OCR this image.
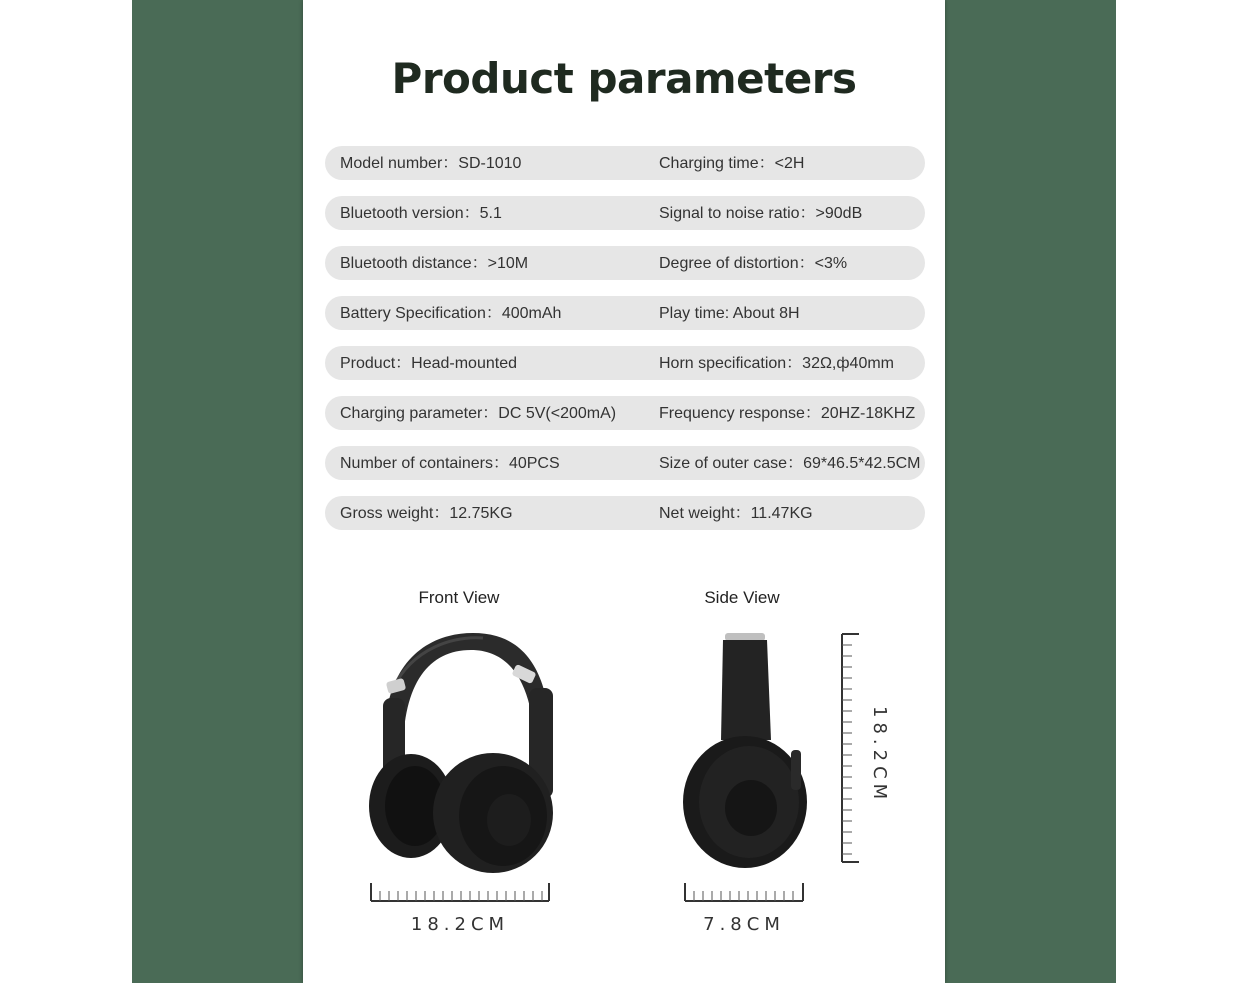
Product parameters
Model number：SD-1010	Charging time：<2H
Bluetooth version：5.1	Signal to noise ratio：>90dB
Bluetooth distance：>10M	Degree of distortion：<3%
Battery Specification：400mAh	Play time: About 8H
Product：Head-mounted	Horn specification：32Ω,ф40mm
Charging parameter：DC 5V(<200mA)	Frequency response：20HZ-18KHZ
Number of containers：40PCS	Size of outer case：69*46.5*42.5CM
Gross weight：12.75KG	Net weight：11.47KG
Front View	Side View
18.2CM	7.8CM
18.2CM
